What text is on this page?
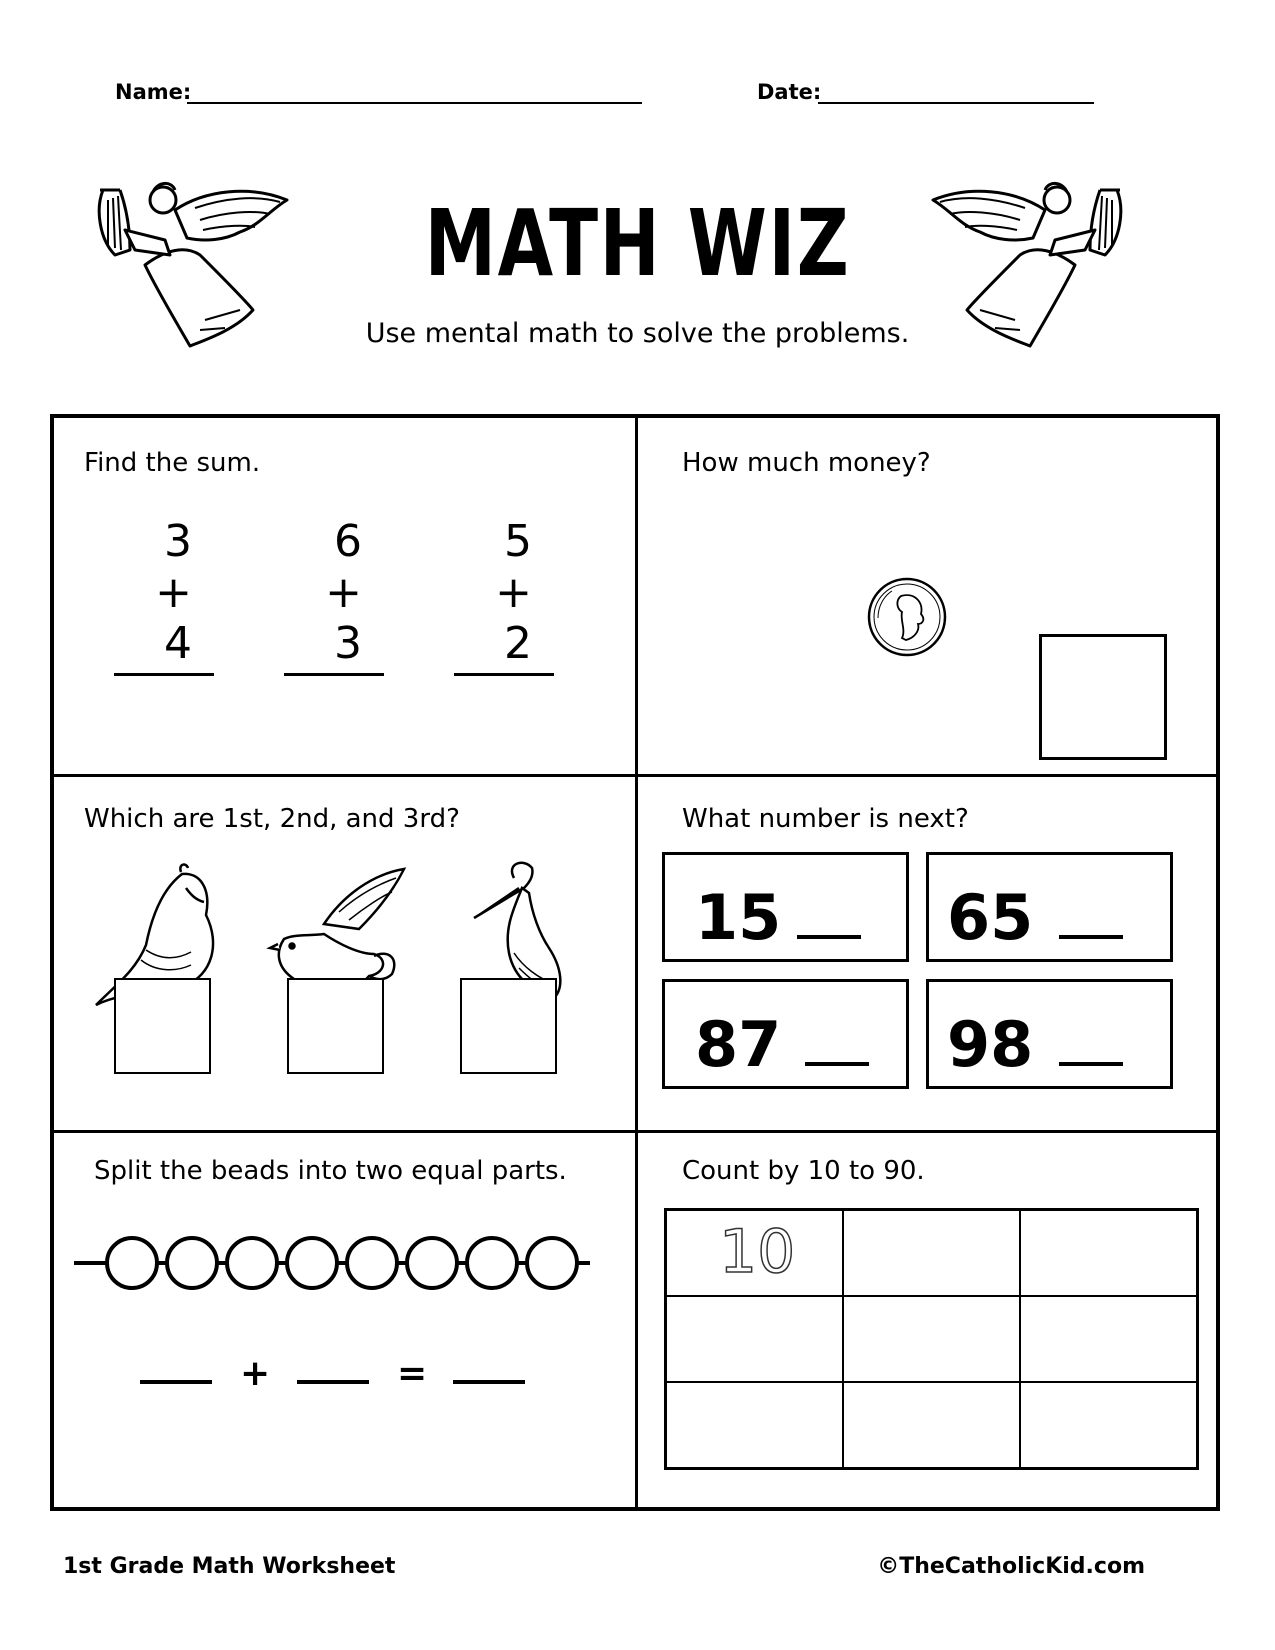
Name:	Date:
MATH WIZ
Use mental math to solve the problems.
Find the sum.
3
+ 4
6
+ 3
5
+ 2
How much money?
Which are 1st, 2nd, and 3rd?	What number is next?
15	65
87	98
Split the beads into two equal parts.
+	=
Count by 10 to 90.
10		

1st Grade Math Worksheet	©TheCatholicKid.com
